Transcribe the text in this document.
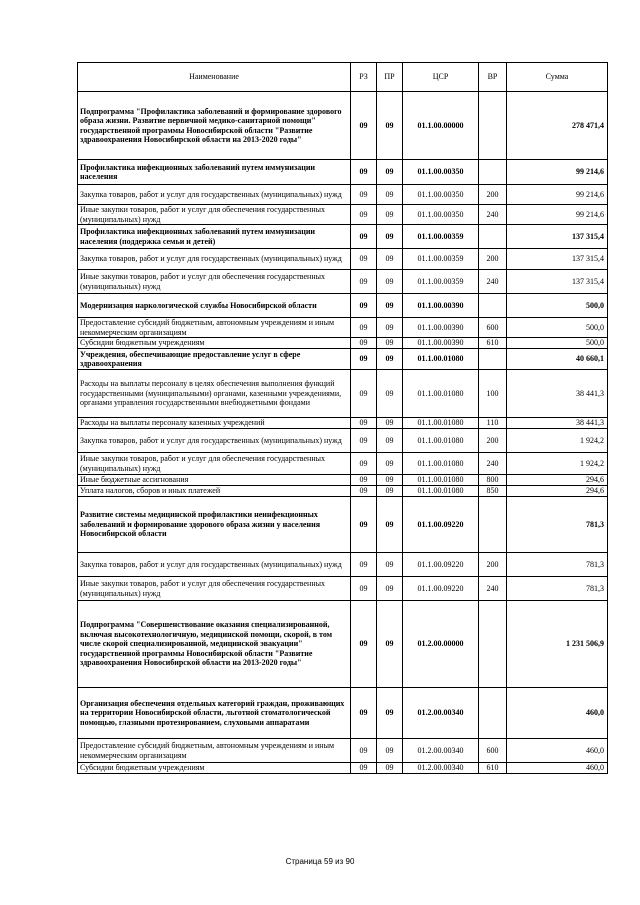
Наименование	РЗ	ПР	ЦСР	ВР	Сумма
Подпрограмма "Профилактика заболеваний и формирование здорового образа жизни. Развитие первичной медико-санитарной помощи" государственной программы Новосибирской области "Развитие здравоохранения Новосибирской области на 2013-2020 годы"	09	09	01.1.00.00000		278 471,4
Профилактика инфекционных заболеваний путем иммунизации населения	09	09	01.1.00.00350		99 214,6
Закупка товаров, работ и услуг для государственных (муниципальных) нужд	09	09	01.1.00.00350	200	99 214,6
Иные закупки товаров, работ и услуг для обеспечения государственных (муниципальных) нужд	09	09	01.1.00.00350	240	99 214,6
Профилактика инфекционных заболеваний путем иммунизации населения (поддержка семьи и детей)	09	09	01.1.00.00359		137 315,4
Закупка товаров, работ и услуг для государственных (муниципальных) нужд	09	09	01.1.00.00359	200	137 315,4
Иные закупки товаров, работ и услуг для обеспечения государственных (муниципальных) нужд	09	09	01.1.00.00359	240	137 315,4
Модернизация наркологической службы Новосибирской области	09	09	01.1.00.00390		500,0
Предоставление субсидий бюджетным, автономным учреждениям и иным некоммерческим организациям	09	09	01.1.00.00390	600	500,0
Субсидии бюджетным учреждениям	09	09	01.1.00.00390	610	500,0
Учреждения, обеспечивающие предоставление услуг в сфере здравоохранения	09	09	01.1.00.01080		40 660,1
Расходы на выплаты персоналу в целях обеспечения выполнения функций государственными (муниципальными) органами, казенными учреждениями, органами управления государственными внебюджетными фондами	09	09	01.1.00.01080	100	38 441,3
Расходы на выплаты персоналу казенных учреждений	09	09	01.1.00.01080	110	38 441,3
Закупка товаров, работ и услуг для государственных (муниципальных) нужд	09	09	01.1.00.01080	200	1 924,2
Иные закупки товаров, работ и услуг для обеспечения государственных (муниципальных) нужд	09	09	01.1.00.01080	240	1 924,2
Иные бюджетные ассигнования	09	09	01.1.00.01080	800	294,6
Уплата налогов, сборов и иных платежей	09	09	01.1.00.01080	850	294,6
Развитие системы медицинской профилактики неинфекционных заболеваний и формирование здорового образа жизни у населения Новосибирской области	09	09	01.1.00.09220		781,3
Закупка товаров, работ и услуг для государственных (муниципальных) нужд	09	09	01.1.00.09220	200	781,3
Иные закупки товаров, работ и услуг для обеспечения государственных (муниципальных) нужд	09	09	01.1.00.09220	240	781,3
Подпрограмма "Совершенствование оказания специализированной, включая высокотехнологичную, медицинской помощи, скорой, в том числе скорой специализированной, медицинской эвакуации" государственной программы Новосибирской области "Развитие здравоохранения Новосибирской области на 2013-2020 годы"	09	09	01.2.00.00000		1 231 506,9
Организация обеспечения отдельных категорий граждан, проживающих на территории Новосибирской области, льготной стоматологической помощью, глазными протезированием, слуховыми аппаратами	09	09	01.2.00.00340		460,0
Предоставление субсидий бюджетным, автономным учреждениям и иным некоммерческим организациям	09	09	01.2.00.00340	600	460,0
Субсидии бюджетным учреждениям	09	09	01.2.00.00340	610	460,0
Страница 59 из 90
